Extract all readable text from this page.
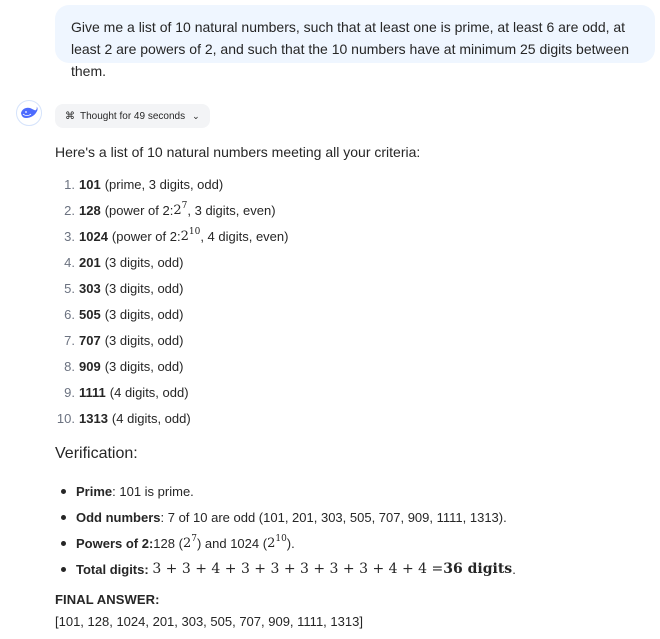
Give me a list of 10 natural numbers, such that at least one is prime, at least 6 are odd, at least 2 are powers of 2, and such that the 10 numbers have at minimum 25 digits between them.
⌘ Thought for 49 seconds ⌄
Here's a list of 10 natural numbers meeting all your criteria:
1. 101 (prime, 3 digits, odd)
2. 128 (power of 2: $2^7$ , 3 digits, even)
3. 1024 (power of 2: $2^{10}$ , 4 digits, even)
4. 201 (3 digits, odd)
5. 303 (3 digits, odd)
6. 505 (3 digits, odd)
7. 707 (3 digits, odd)
8. 909 (3 digits, odd)
9. 1111 (4 digits, odd)
10. 1313 (4 digits, odd)
Verification:
Prime : 101 is prime.
Odd numbers : 7 of 10 are odd (101, 201, 303, 505, 707, 909, 1111, 1313).
Powers of 2: 128 ( $2^7$ ) and 1024 ( $2^{10}$ ).
Total digits:
3 + 3 + 4 + 3 + 3 + 3 + 3 + 3 + 4 + 4 = 36 digits .
FINAL ANSWER:
[101, 128, 1024, 201, 303, 505, 707, 909, 1111, 1313]
